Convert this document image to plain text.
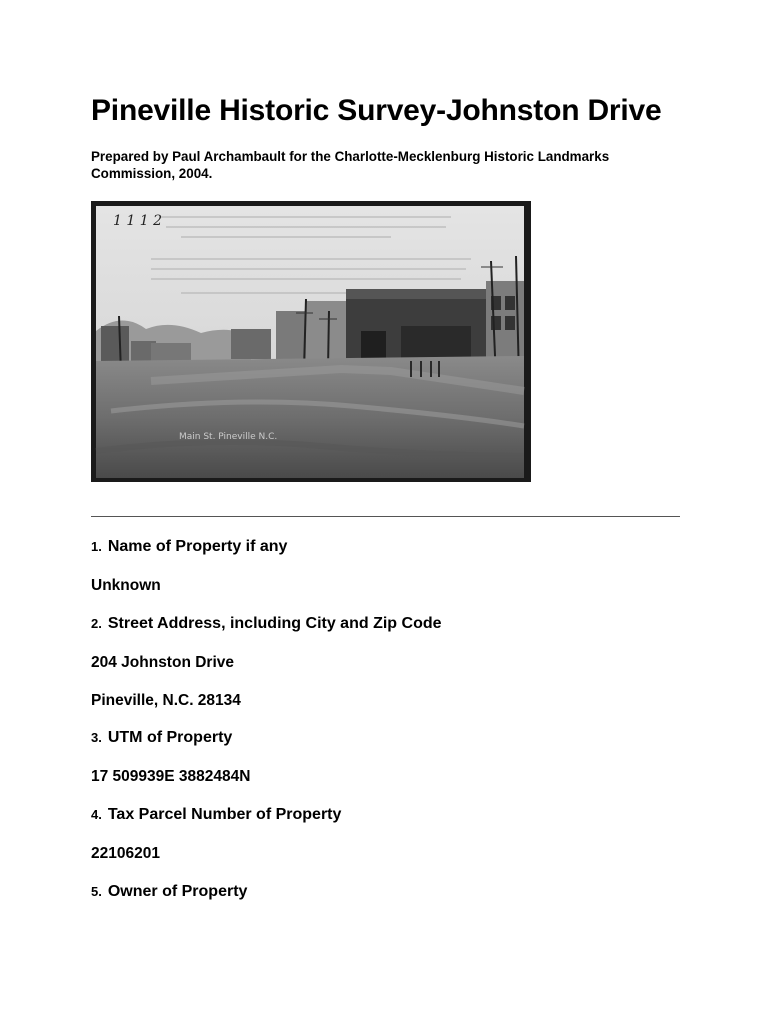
Pineville Historic Survey-Johnston Drive

Prepared by Paul Archambault for the Charlotte-Mecklenburg Historic Landmarks Commission, 2004.

1 1 1 2
Main St. Pineville N.C.

1. Name of Property if any

Unknown

2. Street Address, including City and Zip Code

204 Johnston Drive

Pineville, N.C. 28134

3. UTM of Property

17 509939E 3882484N

4. Tax Parcel Number of Property

22106201

5. Owner of Property
